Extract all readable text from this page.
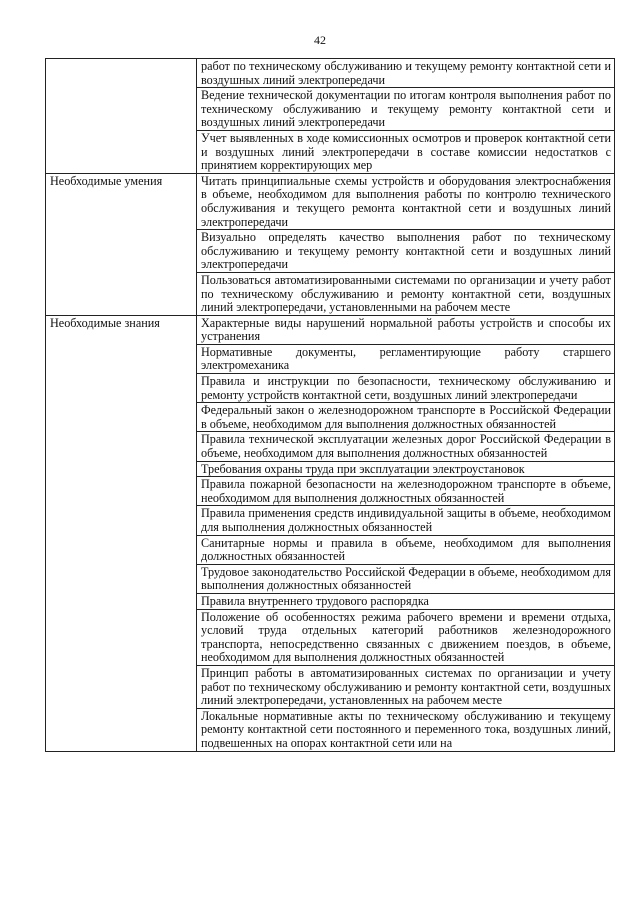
42
	работ по техническому обслуживанию и текущему ремонту контактной сети и воздушных линий электропередачи
	Ведение технической документации по итогам контроля выполнения работ по техническому обслуживанию и текущему ремонту контактной сети и воздушных линий электропередачи
	Учет выявленных в ходе комиссионных осмотров и проверок контактной сети и воздушных линий электропередачи в составе комиссии недостатков с принятием корректирующих мер
Необходимые умения	Читать принципиальные схемы устройств и оборудования электроснабжения в объеме, необходимом для выполнения работы по контролю технического обслуживания и текущего ремонта контактной сети и воздушных линий электропередачи
	Визуально определять качество выполнения работ по техническому обслуживанию и текущему ремонту контактной сети и воздушных линий электропередачи
	Пользоваться автоматизированными системами по организации и учету работ по техническому обслуживанию и ремонту контактной сети, воздушных линий электропередачи, установленными на рабочем месте
Необходимые знания	Характерные виды нарушений нормальной работы устройств и способы их устранения
	Нормативные документы, регламентирующие работу старшего электромеханика
	Правила и инструкции по безопасности, техническому обслуживанию и ремонту устройств контактной сети, воздушных линий электропередачи
	Федеральный закон о железнодорожном транспорте в Российской Федерации в объеме, необходимом для выполнения должностных обязанностей
	Правила технической эксплуатации железных дорог Российской Федерации в объеме, необходимом для выполнения должностных обязанностей
	Требования охраны труда при эксплуатации электроустановок
	Правила пожарной безопасности на железнодорожном транспорте в объеме, необходимом для выполнения должностных обязанностей
	Правила применения средств индивидуальной защиты в объеме, необходимом для выполнения должностных обязанностей
	Санитарные нормы и правила в объеме, необходимом для выполнения должностных обязанностей
	Трудовое законодательство Российской Федерации в объеме, необходимом для выполнения должностных обязанностей
	Правила внутреннего трудового распорядка
	Положение об особенностях режима рабочего времени и времени отдыха, условий труда отдельных категорий работников железнодорожного транспорта, непосредственно связанных с движением поездов, в объеме, необходимом для выполнения должностных обязанностей
	Принцип работы в автоматизированных системах по организации и учету работ по техническому обслуживанию и ремонту контактной сети, воздушных линий электропередачи, установленных на рабочем месте
	Локальные нормативные акты по техническому обслуживанию и текущему ремонту контактной сети постоянного и переменного тока, воздушных линий, подвешенных на опорах контактной сети или на
